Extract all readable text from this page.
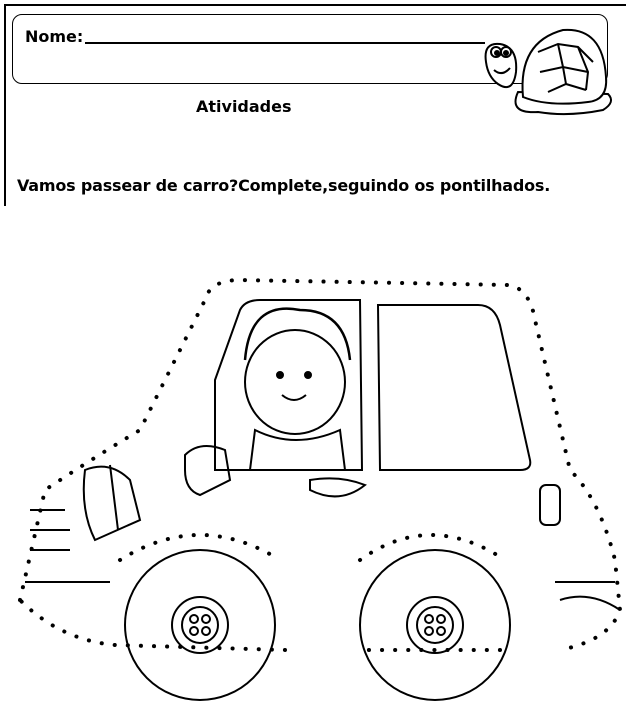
Nome:
Atividades
Vamos passear de carro?Complete,seguindo os pontilhados.
